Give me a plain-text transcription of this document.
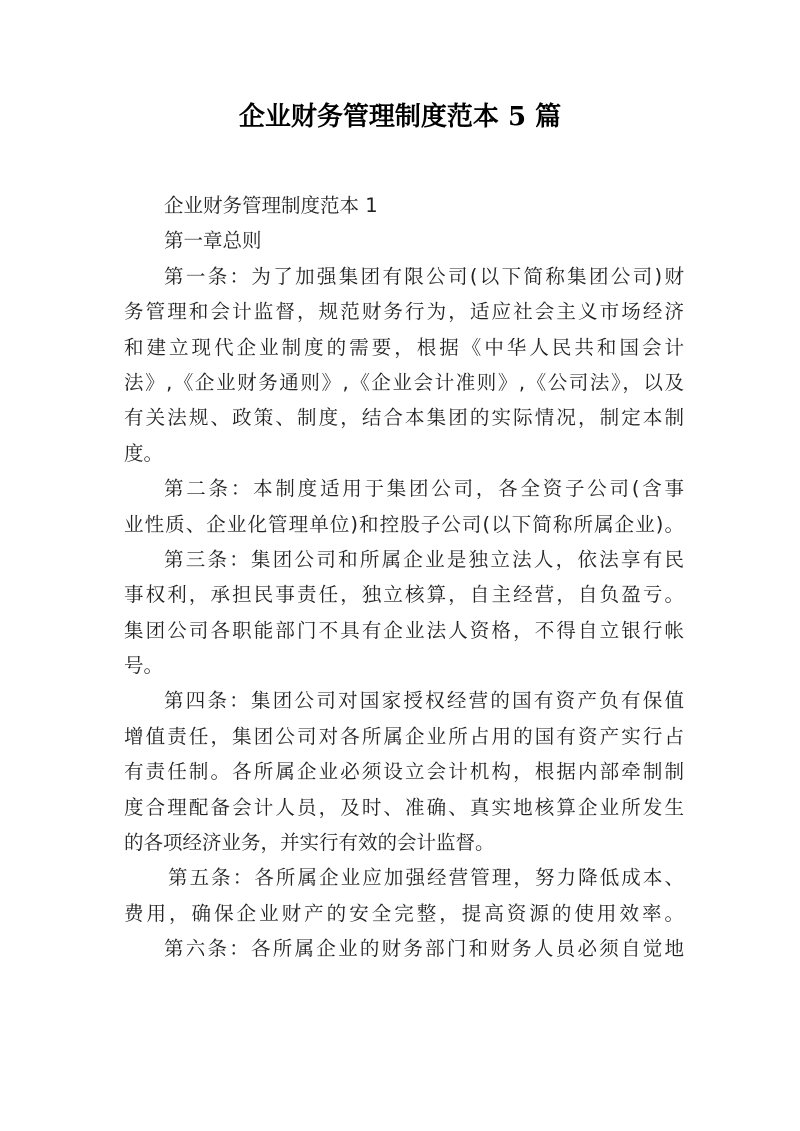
企业财务管理制度范本 5 篇
企业财务管理制度范本 1
第一章总则
第一条：为了加强集团有限公司(以下简称集团公司)财
务管理和会计监督，规范财务行为，适应社会主义市场经济
和建立现代企业制度的需要，根据《中华人民共和国会计
法》,《企业财务通则》,《企业会计准则》,《公司法》，以及
有关法规、政策、制度，结合本集团的实际情况，制定本制
度。
第二条：本制度适用于集团公司，各全资子公司(含事
业性质、企业化管理单位)和控股子公司(以下简称所属企业)。
第三条：集团公司和所属企业是独立法人，依法享有民
事权利，承担民事责任，独立核算，自主经营，自负盈亏。
集团公司各职能部门不具有企业法人资格，不得自立银行帐
号。
第四条：集团公司对国家授权经营的国有资产负有保值
增值责任，集团公司对各所属企业所占用的国有资产实行占
有责任制。各所属企业必须设立会计机构，根据内部牵制制
度合理配备会计人员，及时、准确、真实地核算企业所发生
的各项经济业务，并实行有效的会计监督。
第五条：各所属企业应加强经营管理，努力降低成本、
费用，确保企业财产的安全完整，提高资源的使用效率。
第六条：各所属企业的财务部门和财务人员必须自觉地
